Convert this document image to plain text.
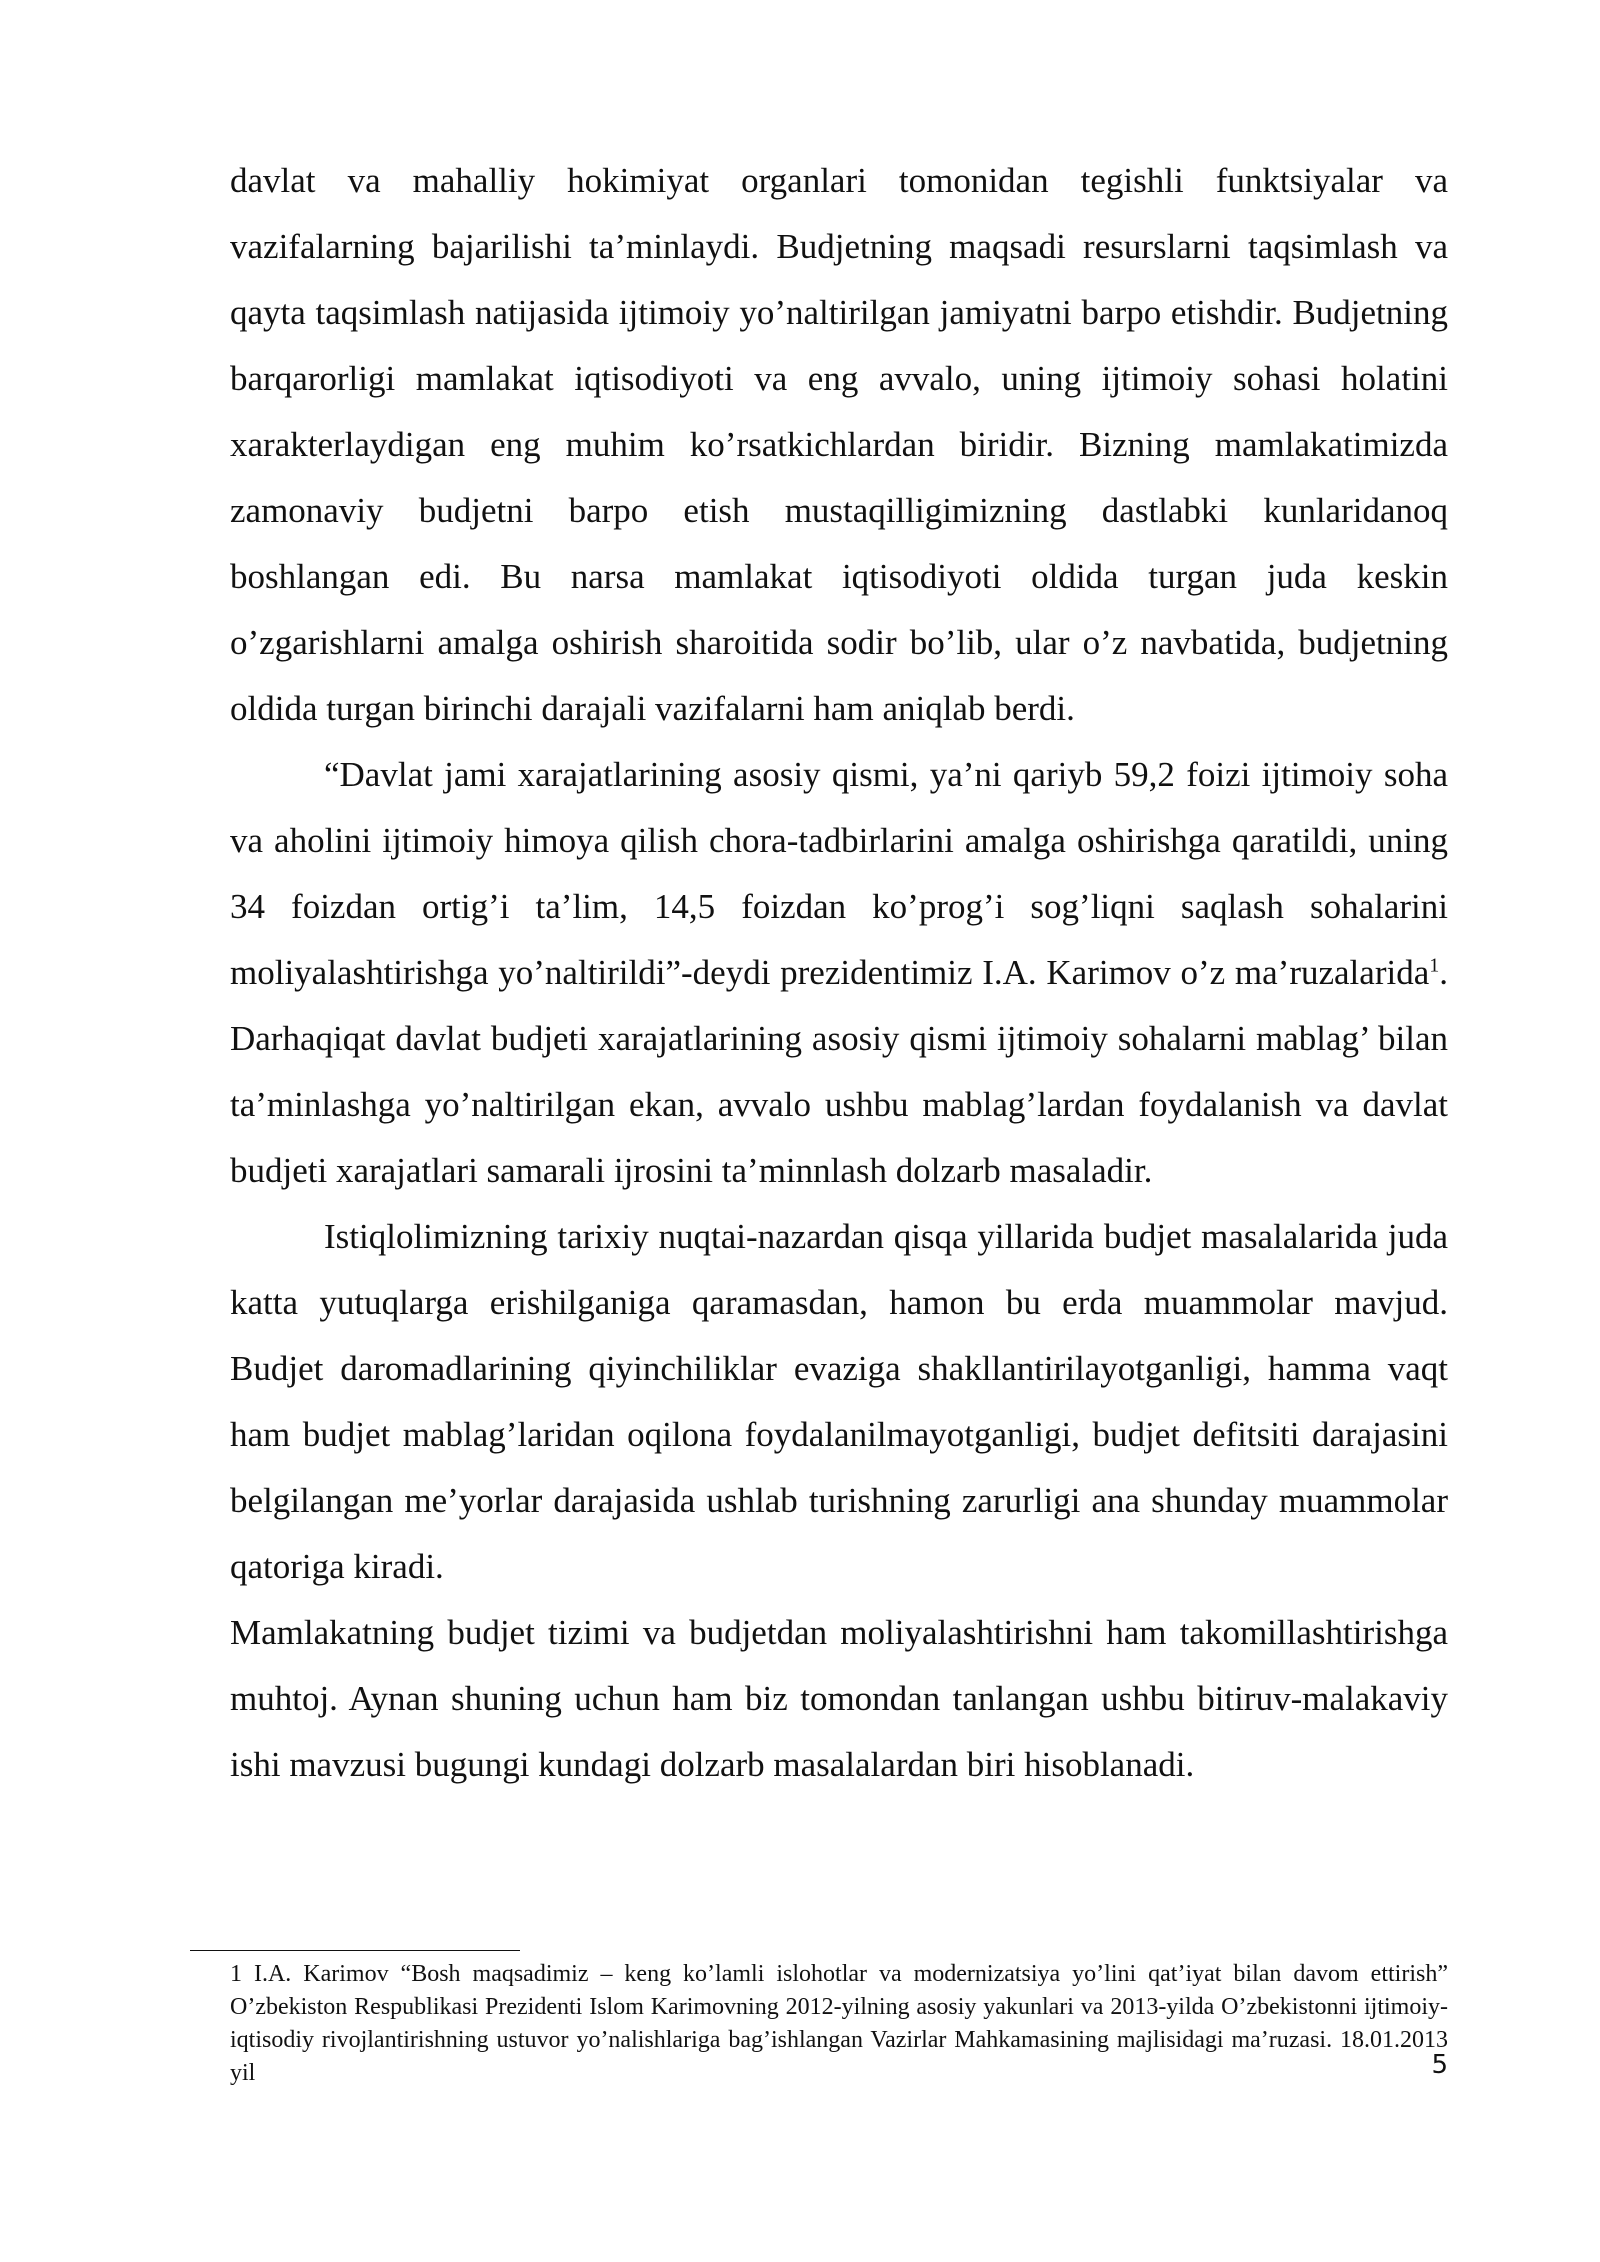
davlat va mahalliy hokimiyat organlari tomonidan tegishli funktsiyalar va vazifalarning bajarilishi ta’minlaydi. Budjetning maqsadi resurslarni taqsimlash va qayta taqsimlash natijasida ijtimoiy yo’naltirilgan jamiyatni barpo etishdir. Budjetning barqarorligi mamlakat iqtisodiyoti va eng avvalo, uning ijtimoiy sohasi holatini xarakterlaydigan eng muhim ko’rsatkichlardan biridir. Bizning mamlakatimizda zamonaviy budjetni barpo etish mustaqilligimizning dastlabki kunlaridanoq boshlangan edi. Bu narsa mamlakat iqtisodiyoti oldida turgan juda keskin o’zgarishlarni amalga oshirish sharoitida sodir bo’lib, ular o’z navbatida, budjetning oldida turgan birinchi darajali vazifalarni ham aniqlab berdi.

“Davlat jami xarajatlarining asosiy qismi, ya’ni qariyb 59,2 foizi ijtimoiy soha va aholini ijtimoiy himoya qilish chora-tadbirlarini amalga oshirishga qaratildi, uning 34 foizdan ortig’i ta’lim, 14,5 foizdan ko’prog’i sog’liqni saqlash sohalarini moliyalashtirishga yo’naltirildi”-deydi prezidentimiz I.A. Karimov o’z ma’ruzalarida$^1$. Darhaqiqat davlat budjeti xarajatlarining asosiy qismi ijtimoiy sohalarni mablag’ bilan ta’minlashga yo’naltirilgan ekan, avvalo ushbu mablag’lardan foydalanish va davlat budjeti xarajatlari samarali ijrosini ta’minnlash dolzarb masaladir.

Istiqlolimizning tarixiy nuqtai-nazardan qisqa yillarida budjet masalalarida juda katta yutuqlarga erishilganiga qaramasdan, hamon bu erda muammolar mavjud. Budjet daromadlarining qiyinchiliklar evaziga shakllantirilayotganligi, hamma vaqt ham budjet mablag’laridan oqilona foydalanilmayotganligi, budjet defitsiti darajasini belgilangan me’yorlar darajasida ushlab turishning zarurligi ana shunday muammolar qatoriga kiradi.

Mamlakatning budjet tizimi va budjetdan moliyalashtirishni ham takomillashtirishga muhtoj. Aynan shuning uchun ham biz tomondan tanlangan ushbu bitiruv-malakaviy ishi mavzusi bugungi kundagi dolzarb masalalardan biri hisoblanadi.

1 I.A. Karimov “Bosh maqsadimiz – keng ko’lamli islohotlar va modernizatsiya yo’lini qat’iyat bilan davom ettirish” O’zbekiston Respublikasi Prezidenti Islom Karimovning 2012-yilning asosiy yakunlari va 2013-yilda O’zbekistonni ijtimoiy-iqtisodiy rivojlantirishning ustuvor yo’nalishlariga bag’ishlangan Vazirlar Mahkamasining majlisidagi ma’ruzasi. 18.01.2013 yil	5
